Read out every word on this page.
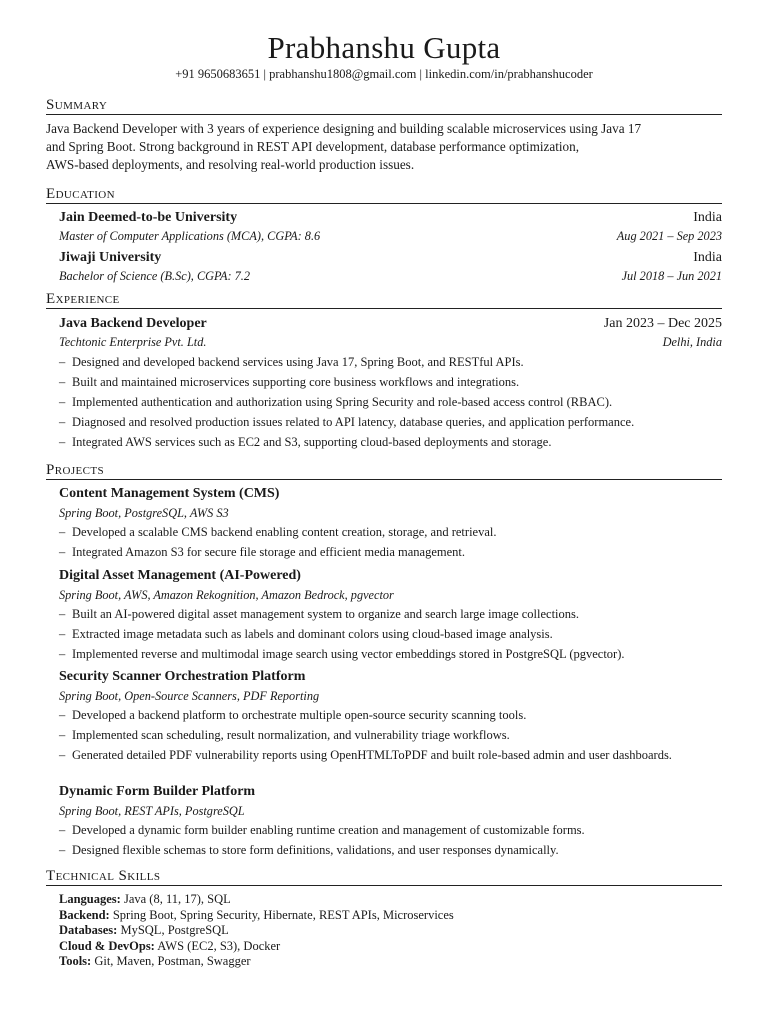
Prabhanshu Gupta
+91 9650683651 | prabhanshu1808@gmail.com | linkedin.com/in/prabhanshucoder
Summary
Java Backend Developer with 3 years of experience designing and building scalable microservices using Java 17
and Spring Boot. Strong background in REST API development, database performance optimization,
AWS-based deployments, and resolving real-world production issues.
Education
Jain Deemed-to-be University	India
Master of Computer Applications (MCA), CGPA: 8.6	Aug 2021 – Sep 2023
Jiwaji University	India
Bachelor of Science (B.Sc), CGPA: 7.2	Jul 2018 – Jun 2021
Experience
Java Backend Developer	Jan 2023 – Dec 2025
Techtonic Enterprise Pvt. Ltd.	Delhi, India
– Designed and developed backend services using Java 17, Spring Boot, and RESTful APIs.
– Built and maintained microservices supporting core business workflows and integrations.
– Implemented authentication and authorization using Spring Security and role-based access control (RBAC).
– Diagnosed and resolved production issues related to API latency, database queries, and application performance.
– Integrated AWS services such as EC2 and S3, supporting cloud-based deployments and storage.
Projects
Content Management System (CMS)
Spring Boot, PostgreSQL, AWS S3
– Developed a scalable CMS backend enabling content creation, storage, and retrieval.
– Integrated Amazon S3 for secure file storage and efficient media management.
Digital Asset Management (AI-Powered)
Spring Boot, AWS, Amazon Rekognition, Amazon Bedrock, pgvector
– Built an AI-powered digital asset management system to organize and search large image collections.
– Extracted image metadata such as labels and dominant colors using cloud-based image analysis.
– Implemented reverse and multimodal image search using vector embeddings stored in PostgreSQL (pgvector).
Security Scanner Orchestration Platform
Spring Boot, Open-Source Scanners, PDF Reporting
– Developed a backend platform to orchestrate multiple open-source security scanning tools.
– Implemented scan scheduling, result normalization, and vulnerability triage workflows.
– Generated detailed PDF vulnerability reports using OpenHTMLToPDF and built role-based admin and user dashboards.
Dynamic Form Builder Platform
Spring Boot, REST APIs, PostgreSQL
– Developed a dynamic form builder enabling runtime creation and management of customizable forms.
– Designed flexible schemas to store form definitions, validations, and user responses dynamically.
Technical Skills
Languages: Java (8, 11, 17), SQL
Backend: Spring Boot, Spring Security, Hibernate, REST APIs, Microservices
Databases: MySQL, PostgreSQL
Cloud & DevOps: AWS (EC2, S3), Docker
Tools: Git, Maven, Postman, Swagger
